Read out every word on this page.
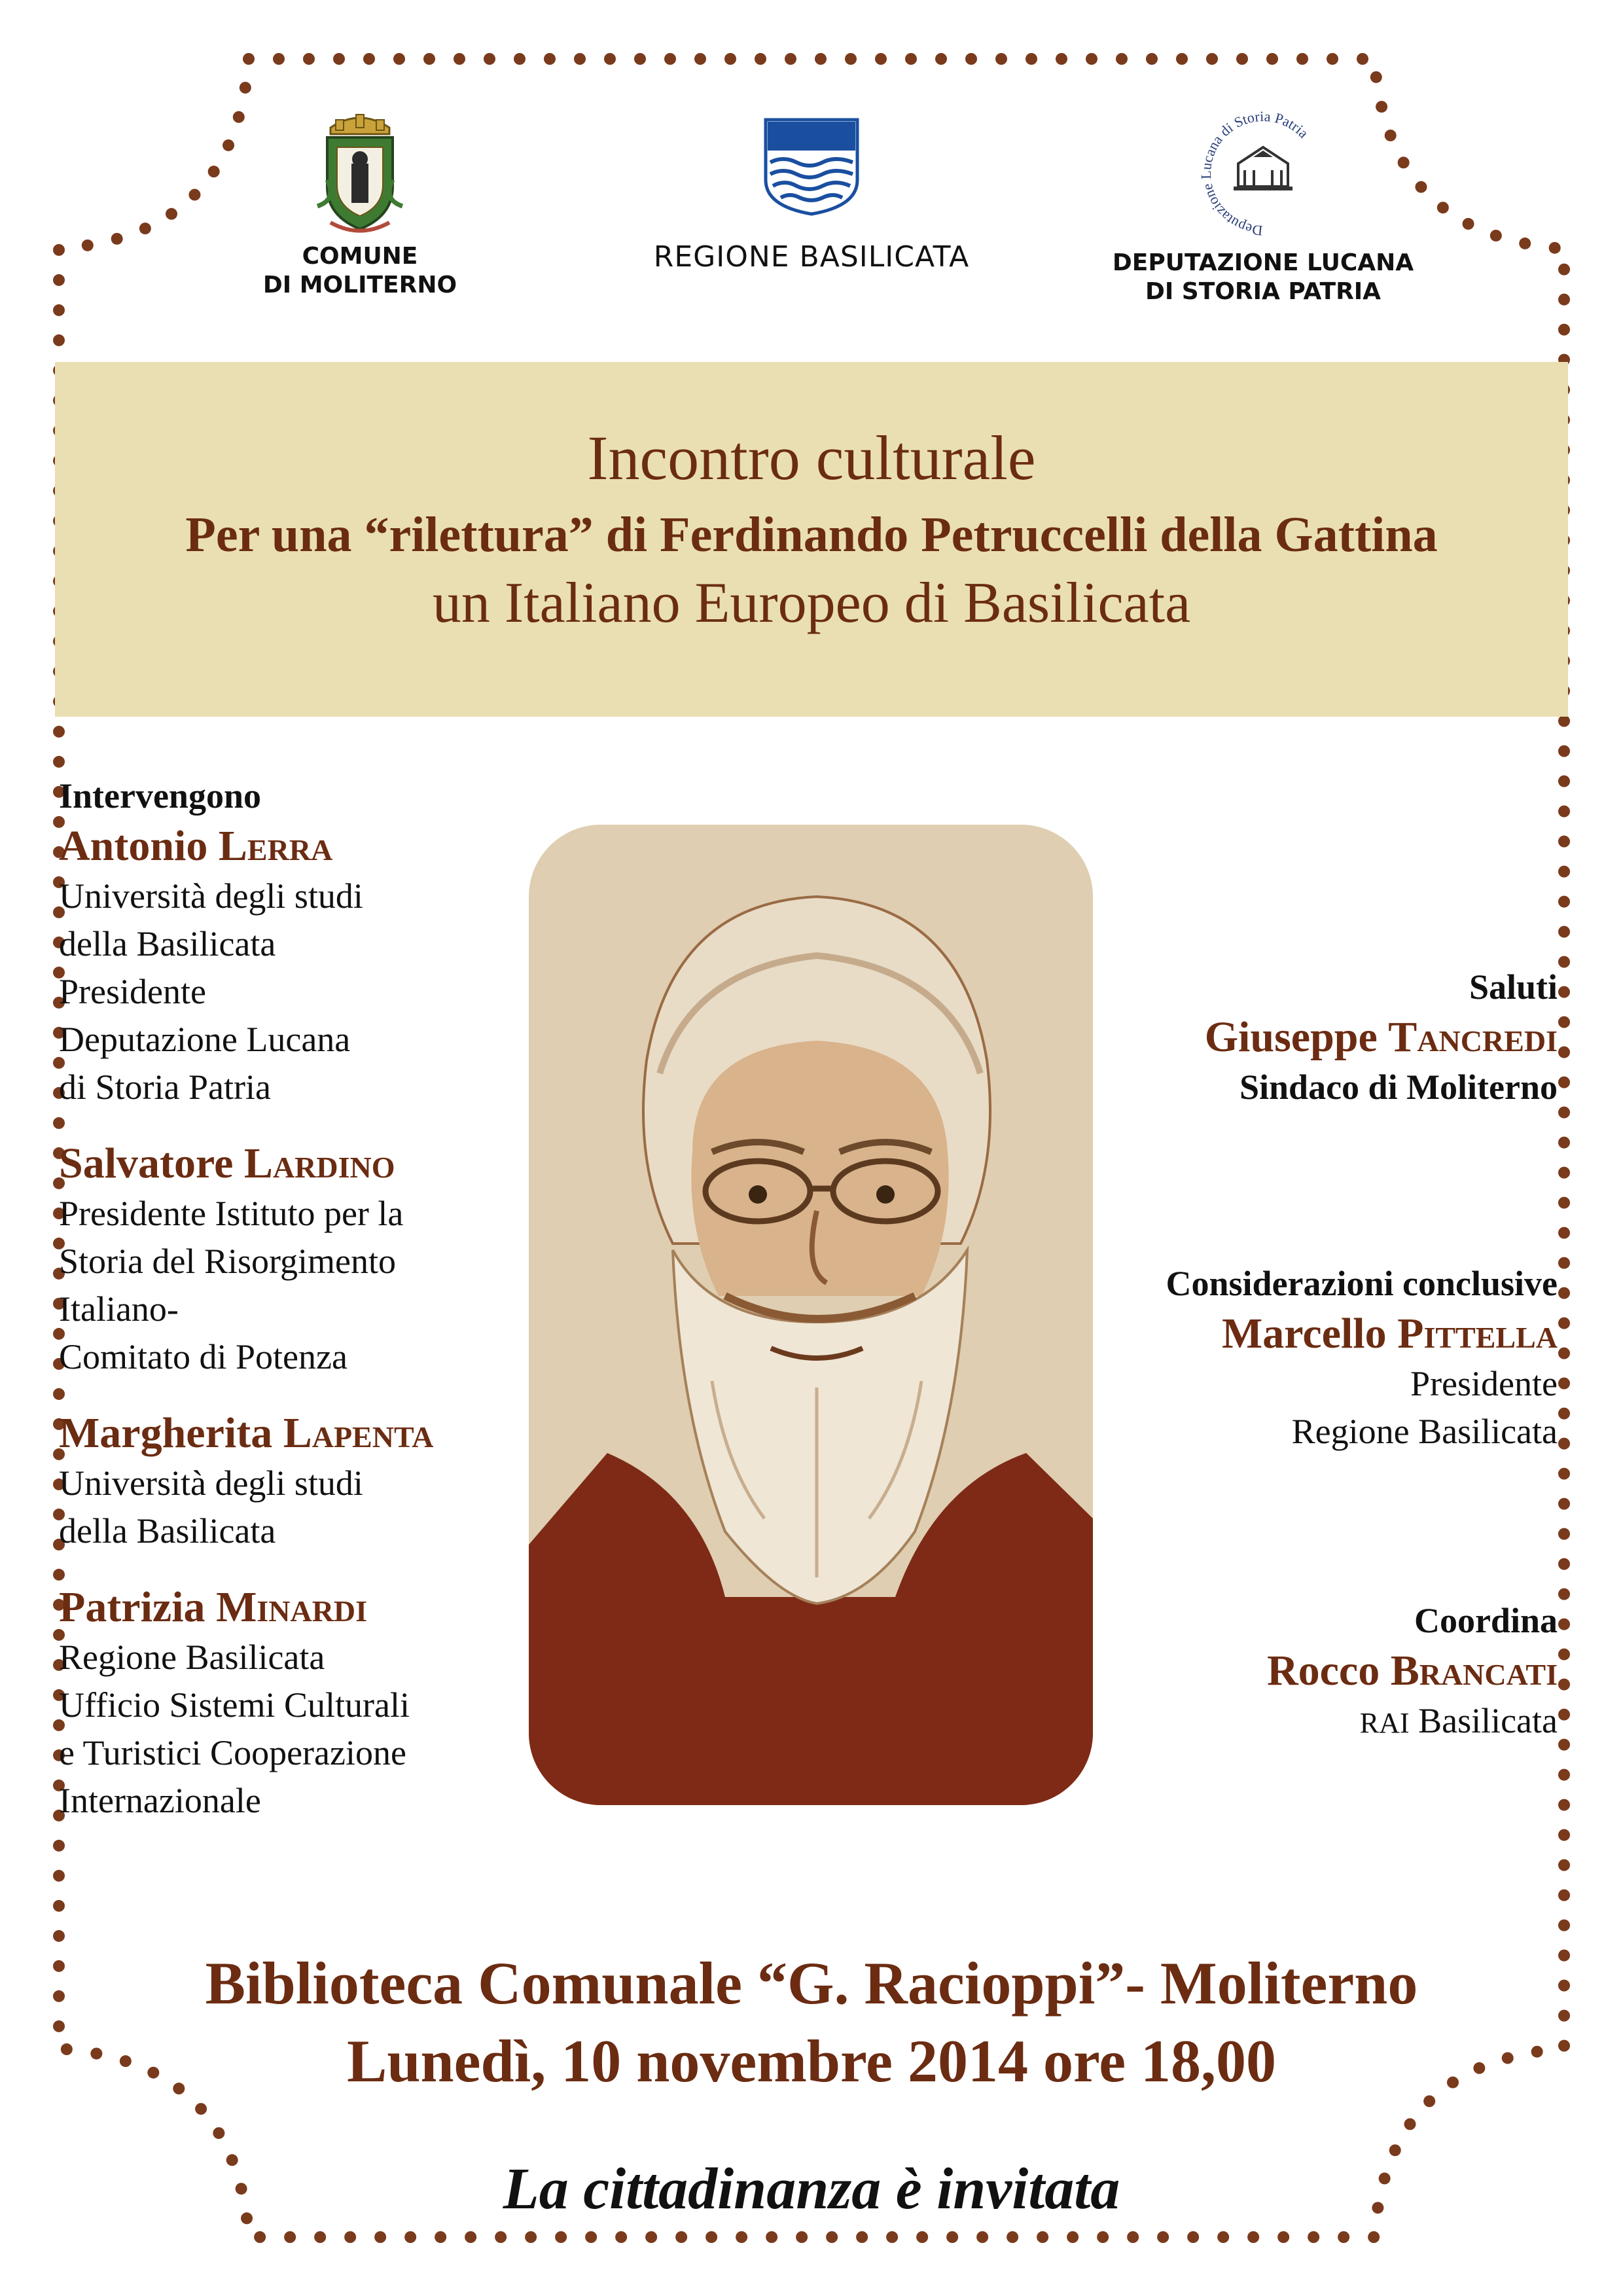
COMUNE
DI MOLITERNO
REGIONE BASILICATA
Deputazione Lucana di Storia Patria
DEPUTAZIONE LUCANA
DI STORIA PATRIA
Incontro culturale
Per una “rilettura” di Ferdinando Petruccelli della Gattina
un Italiano Europeo di Basilicata
Intervengono
Antonio Lerra
Università degli studi
della Basilicata
Presidente
Deputazione Lucana
di Storia Patria
Salvatore Lardino
Presidente Istituto per la
Storia del Risorgimento
Italiano-
Comitato di Potenza
Margherita Lapenta
Università degli studi
della Basilicata
Patrizia Minardi
Regione Basilicata
Ufficio Sistemi Culturali
e Turistici Cooperazione
Internazionale
Saluti
Giuseppe Tancredi
Sindaco di Moliterno
Considerazioni conclusive
Marcello Pittella
Presidente
Regione Basilicata
Coordina
Rocco Brancati
RAI Basilicata
Biblioteca Comunale “G. Racioppi”- Moliterno
Lunedì, 10 novembre 2014 ore 18,00
La cittadinanza è invitata
